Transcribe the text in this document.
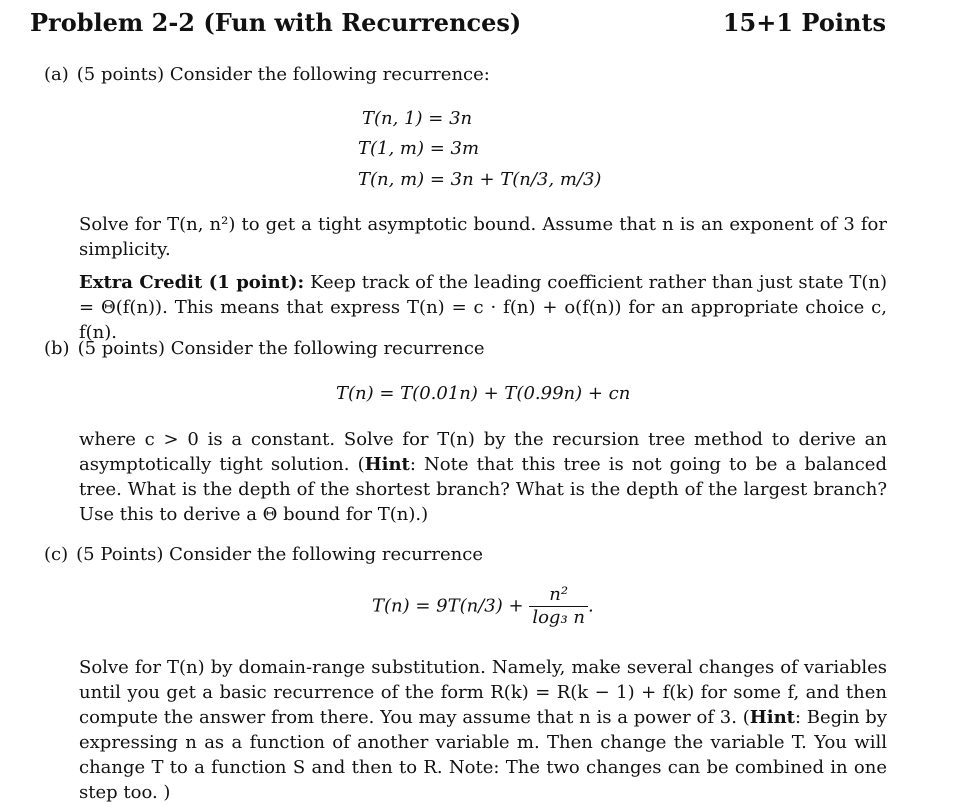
Problem 2-2 (Fun with Recurrences)	15+1 Points
(a) (5 points) Consider the following recurrence:
T(n, 1) = 3n
T(1, m) = 3m
T(n, m) = 3n + T(n/3, m/3)
Solve for T(n, n²) to get a tight asymptotic bound. Assume that n is an exponent of 3 for simplicity.
Extra Credit (1 point): Keep track of the leading coefficient rather than just state T(n) = Θ(f(n)). This means that express T(n) = c · f(n) + o(f(n)) for an appropriate choice c, f(n).
(b) (5 points) Consider the following recurrence
T(n) = T(0.01n) + T(0.99n) + cn
where c > 0 is a constant. Solve for T(n) by the recursion tree method to derive an asymptotically tight solution. (Hint: Note that this tree is not going to be a balanced tree. What is the depth of the shortest branch? What is the depth of the largest branch? Use this to derive a Θ bound for T(n).)
(c) (5 Points) Consider the following recurrence
$T(n) = 9T(n/3) + \frac{\text{n²}}{\text{log₃ n}}$ .
Solve for T(n) by domain-range substitution. Namely, make several changes of variables until you get a basic recurrence of the form R(k) = R(k − 1) + f(k) for some f, and then compute the answer from there. You may assume that n is a power of 3. (Hint: Begin by expressing n as a function of another variable m. Then change the variable T. You will change T to a function S and then to R. Note: The two changes can be combined in one step too. )
